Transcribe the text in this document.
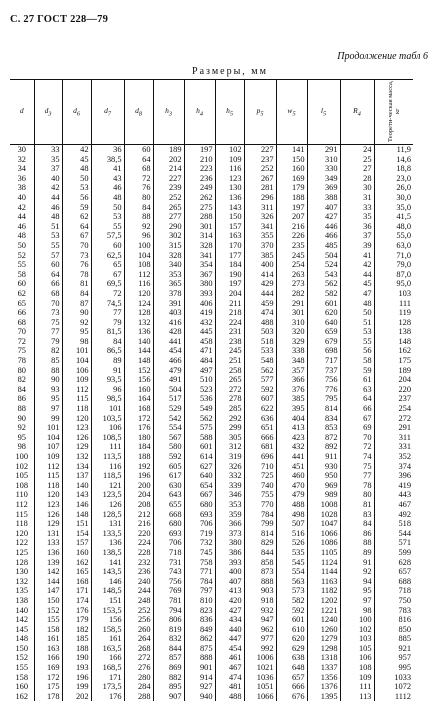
С. 27 ГОСТ 228—79
Продолжение табл 6
Размеры, мм
d	$d_3$	$d_6$	$d_7$	$d_8$	$h_3$	$h_4$	$h_5$	$p_5$	$w_5$	$l_5$	$R_4$	Теорети-ческая масса, кг
30	33	42	36	60	189	197	102	227	141	291	24	11,9
32	35	45	38,5	64	202	210	109	237	150	310	25	14,6
34	37	48	41	68	214	223	116	252	160	330	27	18,8
36	40	50	43	72	227	236	123	267	169	349	28	23,0
38	42	53	46	76	239	249	130	281	179	369	30	26,0
40	44	56	48	80	252	262	136	296	188	388	31	30,0
42	46	59	50	84	265	275	143	311	197	407	33	35,0
44	48	62	53	88	277	288	150	326	207	427	35	41,5
46	51	64	55	92	290	301	157	341	216	446	36	48,0
48	53	67	57,5	96	302	314	163	355	226	466	37	55,0
50	55	70	60	100	315	328	170	370	235	485	39	63,0
52	57	73	62,5	104	328	341	177	385	245	504	41	71,0
55	60	76	65	108	340	354	184	400	254	524	42	79,0
58	64	78	67	112	353	367	190	414	263	543	44	87,0
60	66	81	69,5	116	365	380	197	429	273	562	45	95,0
62	68	84	72	120	378	393	204	444	282	582	47	103
65	70	87	74,5	124	391	406	211	459	291	601	48	111
66	73	90	77	128	403	419	218	474	301	620	50	119
68	75	92	79	132	416	432	224	488	310	640	51	128
70	77	95	81,5	136	428	445	231	503	320	659	53	138
72	79	98	84	140	441	458	238	518	329	679	55	148
75	82	101	86,5	144	454	471	245	533	338	698	56	162
78	85	104	89	148	466	484	251	548	348	717	58	175
80	88	106	91	152	479	497	258	562	357	737	59	189
82	90	109	93,5	156	491	510	265	577	366	756	61	204
84	93	112	96	160	504	523	272	592	376	776	63	220
86	95	115	98,5	164	517	536	278	607	385	795	64	237
88	97	118	101	168	529	549	285	622	395	814	66	254
90	99	120	103,5	172	542	562	292	636	404	834	67	272
92	101	123	106	176	554	575	299	651	413	853	69	291
95	104	126	108,5	180	567	588	305	666	423	872	70	311
98	107	129	111	184	580	601	312	681	432	892	72	331
100	109	132	113,5	188	592	614	319	696	441	911	74	352
102	112	134	116	192	605	627	326	710	451	930	75	374
105	115	137	118,5	196	617	640	332	725	460	950	77	396
108	118	140	121	200	630	654	339	740	470	969	78	419
110	120	143	123,5	204	643	667	346	755	479	989	80	443
112	123	146	126	208	655	680	353	770	488	1008	81	467
115	126	148	128,5	212	668	693	359	784	498	1028	83	492
118	129	151	131	216	680	706	366	799	507	1047	84	518
120	131	154	133,5	220	693	719	373	814	516	1066	86	544
122	133	157	136	224	706	732	380	829	526	1086	88	571
125	136	160	138,5	228	718	745	386	844	535	1105	89	599
128	139	162	141	232	731	758	393	858	545	1124	91	628
130	142	165	143,5	236	743	771	400	873	554	1144	92	657
132	144	168	146	240	756	784	407	888	563	1163	94	688
135	147	171	148,5	244	769	797	413	903	573	1182	95	718
138	150	174	151	248	781	810	420	918	582	1202	97	750
140	152	176	153,5	252	794	823	427	932	592	1221	98	783
142	155	179	156	256	806	836	434	947	601	1240	100	816
145	158	182	158,5	260	819	849	440	962	610	1260	102	850
148	161	185	161	264	832	862	447	977	620	1279	103	885
150	163	188	163,5	268	844	875	454	992	629	1298	105	921
152	166	190	166	272	857	888	461	1006	638	1318	106	957
155	169	193	168,5	276	869	901	467	1021	648	1337	108	995
158	172	196	171	280	882	914	474	1036	657	1356	109	1033
160	175	199	173,5	284	895	927	481	1051	666	1376	111	1072
162	178	202	176	288	907	940	488	1066	676	1395	113	1112
